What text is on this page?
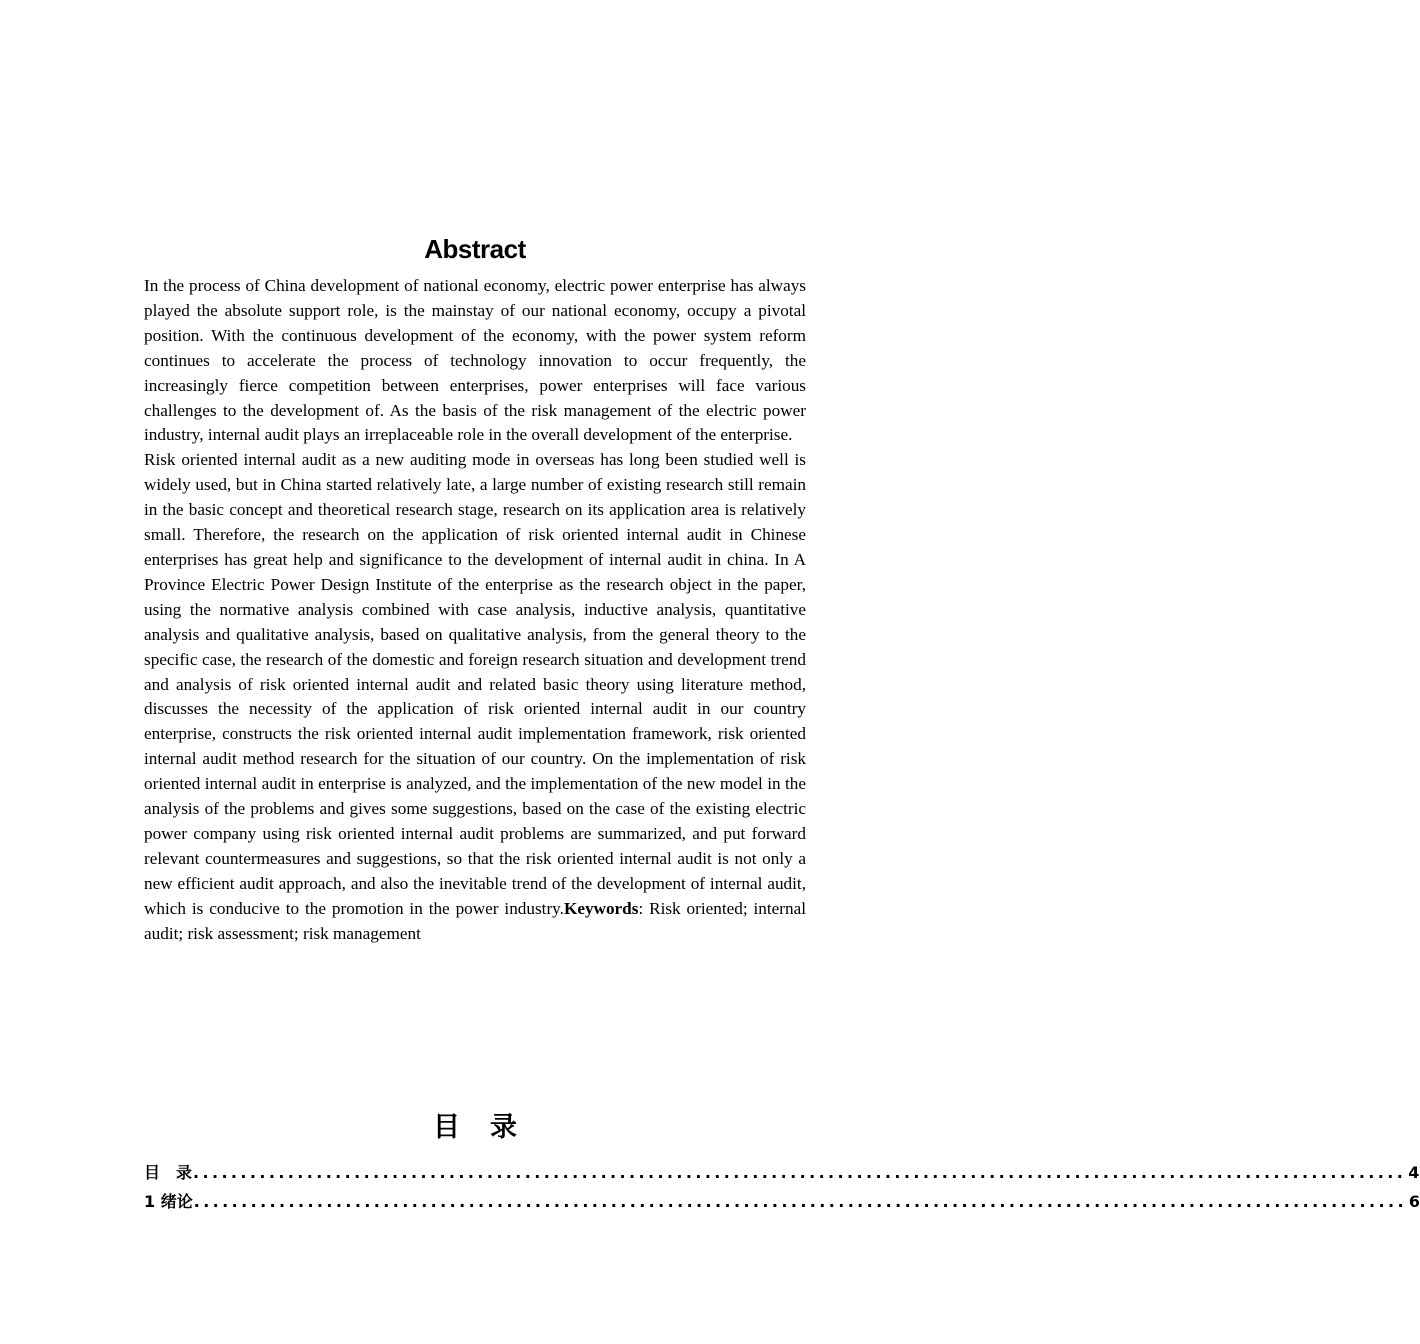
Abstract

In the process of China development of national economy, electric power enterprise has always played the absolute support role, is the mainstay of our national economy, occupy a pivotal position. With the continuous development of the economy, with the power system reform continues to accelerate the process of technology innovation to occur frequently, the increasingly fierce competition between enterprises, power enterprises will face various challenges to the development of. As the basis of the risk management of the electric power industry, internal audit plays an irreplaceable role in the overall development of the enterprise.

Risk oriented internal audit as a new auditing mode in overseas has long been studied well is widely used, but in China started relatively late, a large number of existing research still remain in the basic concept and theoretical research stage, research on its application area is relatively small. Therefore, the research on the application of risk oriented internal audit in Chinese enterprises has great help and significance to the development of internal audit in china. In A Province Electric Power Design Institute of the enterprise as the research object in the paper, using the normative analysis combined with case analysis, inductive analysis, quantitative analysis and qualitative analysis, based on qualitative analysis, from the general theory to the specific case, the research of the domestic and foreign research situation and development trend and analysis of risk oriented internal audit and related basic theory using literature method, discusses the necessity of the application of risk oriented internal audit in our country enterprise, constructs the risk oriented internal audit implementation framework, risk oriented internal audit method research for the situation of our country. On the implementation of risk oriented internal audit in enterprise is analyzed, and the implementation of the new model in the analysis of the problems and gives some suggestions, based on the case of the existing electric power company using risk oriented internal audit problems are summarized, and put forward relevant countermeasures and suggestions, so that the risk oriented internal audit is not only a new efficient audit approach, and also the inevitable trend of the development of internal audit, which is conducive to the promotion in the power industry.Keywords: Risk oriented; internal audit; risk assessment; risk management

目录
目　录 ................................................................................................................................ 4
1 绪论 ................................................................................................................................ 6
